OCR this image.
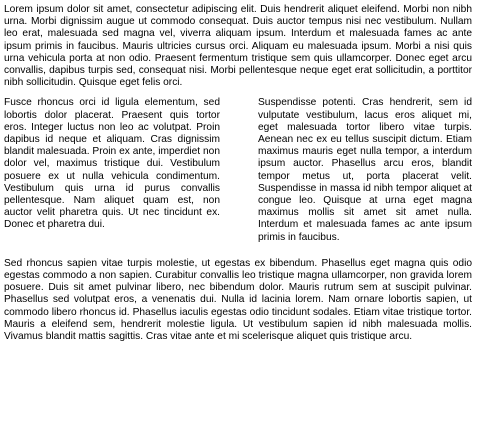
Lorem ipsum dolor sit amet, consectetur adipiscing elit. Duis hendrerit aliquet eleifend. Morbi non nibh urna. Morbi dignissim augue ut commodo consequat. Duis auctor tempus nisi nec vestibulum. Nullam leo erat, malesuada sed magna vel, viverra aliquam ipsum. Interdum et malesuada fames ac ante ipsum primis in faucibus. Mauris ultricies cursus orci. Aliquam eu malesuada ipsum. Morbi a nisi quis urna vehicula porta at non odio. Praesent fermentum tristique sem quis ullamcorper. Donec eget arcu convallis, dapibus turpis sed, consequat nisi. Morbi pellentesque neque eget erat sollicitudin, a porttitor nibh sollicitudin. Quisque eget felis orci.

Fusce rhoncus orci id ligula elementum, sed lobortis dolor placerat. Praesent quis tortor eros. Integer luctus non leo ac volutpat. Proin dapibus id neque et aliquam. Cras dignissim blandit malesuada. Proin ex ante, imperdiet non dolor vel, maximus tristique dui. Vestibulum posuere ex ut nulla vehicula condimentum. Vestibulum quis urna id purus convallis pellentesque. Nam aliquet quam est, non auctor velit pharetra quis. Ut nec tincidunt ex. Donec et pharetra dui.

Suspendisse potenti. Cras hendrerit, sem id vulputate vestibulum, lacus eros aliquet mi, eget malesuada tortor libero vitae turpis. Aenean nec ex eu tellus suscipit dictum. Etiam maximus mauris eget nulla tempor, a interdum ipsum auctor. Phasellus arcu eros, blandit tempor metus ut, porta placerat velit. Suspendisse in massa id nibh tempor aliquet at congue leo. Quisque at urna eget magna maximus mollis sit amet sit amet nulla. Interdum et malesuada fames ac ante ipsum primis in faucibus.

Sed rhoncus sapien vitae turpis molestie, ut egestas ex bibendum. Phasellus eget magna quis odio egestas commodo a non sapien. Curabitur convallis leo tristique magna ullamcorper, non gravida lorem posuere. Duis sit amet pulvinar libero, nec bibendum dolor. Mauris rutrum sem at suscipit pulvinar. Phasellus sed volutpat eros, a venenatis dui. Nulla id lacinia lorem. Nam ornare lobortis sapien, ut commodo libero rhoncus id. Phasellus iaculis egestas odio tincidunt sodales. Etiam vitae tristique tortor. Mauris a eleifend sem, hendrerit molestie ligula. Ut vestibulum sapien id nibh malesuada mollis. Vivamus blandit mattis sagittis. Cras vitae ante et mi scelerisque aliquet quis tristique arcu.
